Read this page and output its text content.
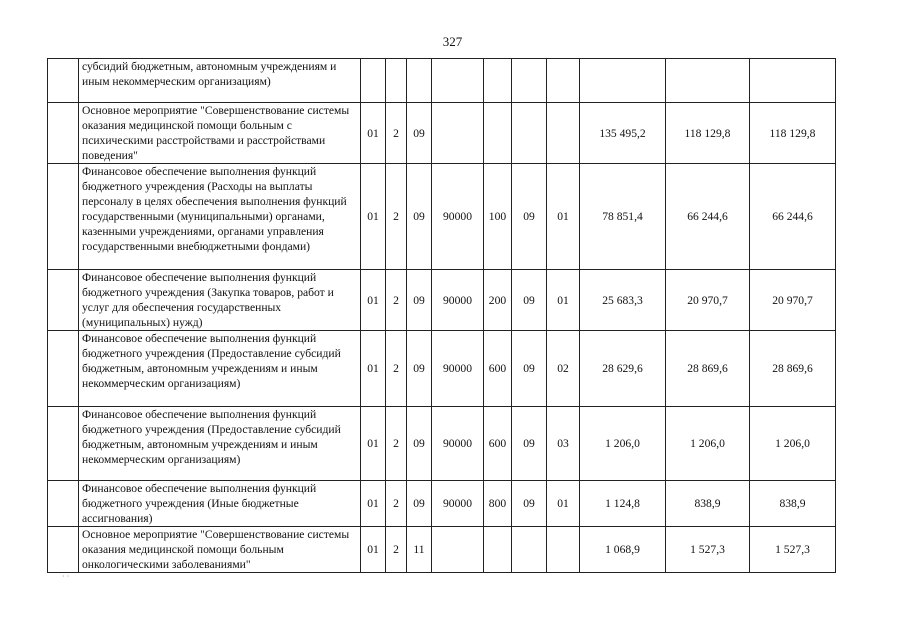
327
	субсидий бюджетным, автономным учреждениям и иным некоммерческим организациям)										
	Основное мероприятие "Совершенствование системы оказания медицинской помощи больным с психическими расстройствами и расстройствами поведения"	01	2	09					135 495,2	118 129,8	118 129,8
	Финансовое обеспечение выполнения функций бюджетного учреждения (Расходы на выплаты персоналу в целях обеспечения выполнения функций государственными (муниципальными) органами, казенными учреждениями, органами управления государственными внебюджетными фондами)	01	2	09	90000	100	09	01	78 851,4	66 244,6	66 244,6
	Финансовое обеспечение выполнения функций бюджетного учреждения (Закупка товаров, работ и услуг для обеспечения государственных (муниципальных) нужд)	01	2	09	90000	200	09	01	25 683,3	20 970,7	20 970,7
	Финансовое обеспечение выполнения функций бюджетного учреждения (Предоставление субсидий бюджетным, автономным учреждениям и иным некоммерческим организациям)	01	2	09	90000	600	09	02	28 629,6	28 869,6	28 869,6
	Финансовое обеспечение выполнения функций бюджетного учреждения (Предоставление субсидий бюджетным, автономным учреждениям и иным некоммерческим организациям)	01	2	09	90000	600	09	03	1 206,0	1 206,0	1 206,0
	Финансовое обеспечение выполнения функций бюджетного учреждения (Иные бюджетные ассигнования)	01	2	09	90000	800	09	01	1 124,8	838,9	838,9
	Основное мероприятие "Совершенствование системы оказания медицинской помощи больным онкологическими заболеваниями"	01	2	11					1 068,9	1 527,3	1 527,3
· ·
